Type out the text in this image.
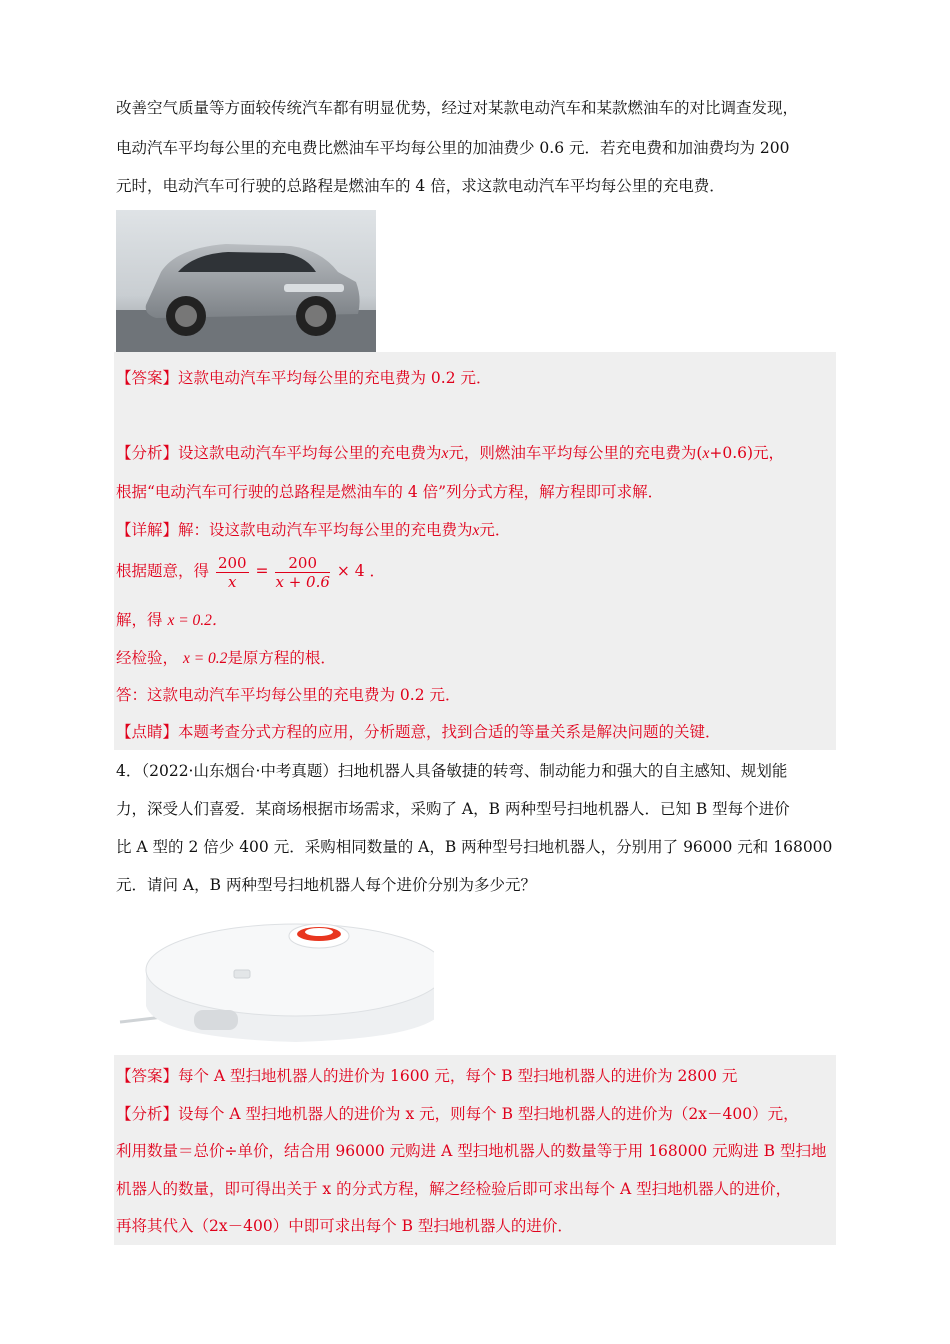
改善空气质量等方面较传统汽车都有明显优势，经过对某款电动汽车和某款燃油车的对比调查发现，
电动汽车平均每公里的充电费比燃油车平均每公里的加油费少 0.6 元．若充电费和加油费均为 200
元时，电动汽车可行驶的总路程是燃油车的 4 倍，求这款电动汽车平均每公里的充电费．
【答案】这款电动汽车平均每公里的充电费为 0.2 元．
【分析】设这款电动汽车平均每公里的充电费为x元，则燃油车平均每公里的充电费为(x+0.6)元，
根据“电动汽车可行驶的总路程是燃油车的 4 倍”列分式方程，解方程即可求解．
【详解】解：设这款电动汽车平均每公里的充电费为x元．
根据题意，得 $\frac{200}{x} = \frac{200}{x + 0.6} \times 4$ ．
解，得 x = 0.2．
经检验， x = 0.2是原方程的根．
答：这款电动汽车平均每公里的充电费为 0.2 元．
【点睛】本题考查分式方程的应用，分析题意，找到合适的等量关系是解决问题的关键．
4．（2022·山东烟台·中考真题）扫地机器人具备敏捷的转弯、制动能力和强大的自主感知、规划能
力，深受人们喜爱．某商场根据市场需求，采购了 A，B 两种型号扫地机器人．已知 B 型每个进价
比 A 型的 2 倍少 400 元．采购相同数量的 A，B 两种型号扫地机器人，分别用了 96000 元和 168000
元．请问 A，B 两种型号扫地机器人每个进价分别为多少元？
【答案】每个 A 型扫地机器人的进价为 1600 元，每个 B 型扫地机器人的进价为 2800 元
【分析】设每个 A 型扫地机器人的进价为 x 元，则每个 B 型扫地机器人的进价为（2x－400）元，
利用数量＝总价÷单价，结合用 96000 元购进 A 型扫地机器人的数量等于用 168000 元购进 B 型扫地
机器人的数量，即可得出关于 x 的分式方程，解之经检验后即可求出每个 A 型扫地机器人的进价，
再将其代入（2x－400）中即可求出每个 B 型扫地机器人的进价．
